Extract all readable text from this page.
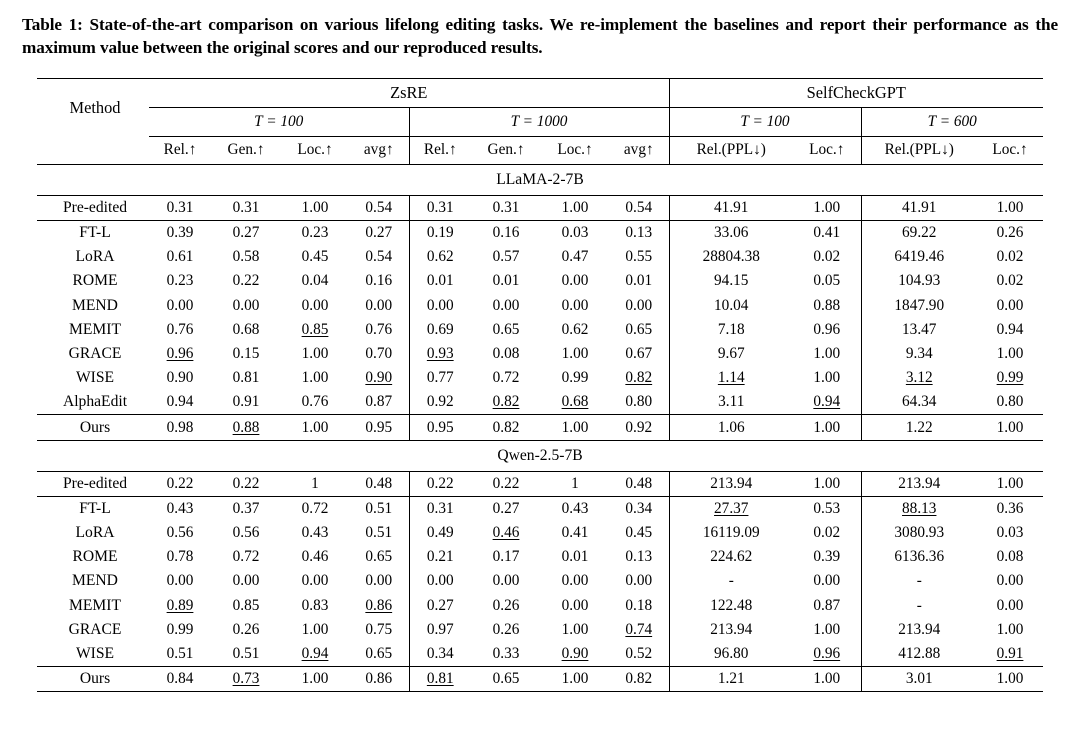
Table 1: State-of-the-art comparison on various lifelong editing tasks. We re-implement the baselines and report their performance as the maximum value between the original scores and our reproduced results.

Method	ZsRE								SelfCheckGPT			
	T = 100				T = 1000				T = 100		T = 600	
	Rel.↑	Gen.↑	Loc.↑	avg↑	Rel.↑	Gen.↑	Loc.↑	avg↑	Rel.(PPL↓)	Loc.↑	Rel.(PPL↓)	Loc.↑

LLaMA-2-7B												

Pre-edited	0.31	0.31	1.00	0.54	0.31	0.31	1.00	0.54	41.91	1.00	41.91	1.00

FT-L	0.39	0.27	0.23	0.27	0.19	0.16	0.03	0.13	33.06	0.41	69.22	0.26
LoRA	0.61	0.58	0.45	0.54	0.62	0.57	0.47	0.55	28804.38	0.02	6419.46	0.02
ROME	0.23	0.22	0.04	0.16	0.01	0.01	0.00	0.01	94.15	0.05	104.93	0.02
MEND	0.00	0.00	0.00	0.00	0.00	0.00	0.00	0.00	10.04	0.88	1847.90	0.00
MEMIT	0.76	0.68	0.85	0.76	0.69	0.65	0.62	0.65	7.18	0.96	13.47	0.94
GRACE	0.96	0.15	1.00	0.70	0.93	0.08	1.00	0.67	9.67	1.00	9.34	1.00
WISE	0.90	0.81	1.00	0.90	0.77	0.72	0.99	0.82	1.14	1.00	3.12	0.99
AlphaEdit	0.94	0.91	0.76	0.87	0.92	0.82	0.68	0.80	3.11	0.94	64.34	0.80

Ours	0.98	0.88	1.00	0.95	0.95	0.82	1.00	0.92	1.06	1.00	1.22	1.00

Qwen-2.5-7B												

Pre-edited	0.22	0.22	1	0.48	0.22	0.22	1	0.48	213.94	1.00	213.94	1.00

FT-L	0.43	0.37	0.72	0.51	0.31	0.27	0.43	0.34	27.37	0.53	88.13	0.36
LoRA	0.56	0.56	0.43	0.51	0.49	0.46	0.41	0.45	16119.09	0.02	3080.93	0.03
ROME	0.78	0.72	0.46	0.65	0.21	0.17	0.01	0.13	224.62	0.39	6136.36	0.08
MEND	0.00	0.00	0.00	0.00	0.00	0.00	0.00	0.00	-	0.00	-	0.00
MEMIT	0.89	0.85	0.83	0.86	0.27	0.26	0.00	0.18	122.48	0.87	-	0.00
GRACE	0.99	0.26	1.00	0.75	0.97	0.26	1.00	0.74	213.94	1.00	213.94	1.00
WISE	0.51	0.51	0.94	0.65	0.34	0.33	0.90	0.52	96.80	0.96	412.88	0.91

Ours	0.84	0.73	1.00	0.86	0.81	0.65	1.00	0.82	1.21	1.00	3.01	1.00
